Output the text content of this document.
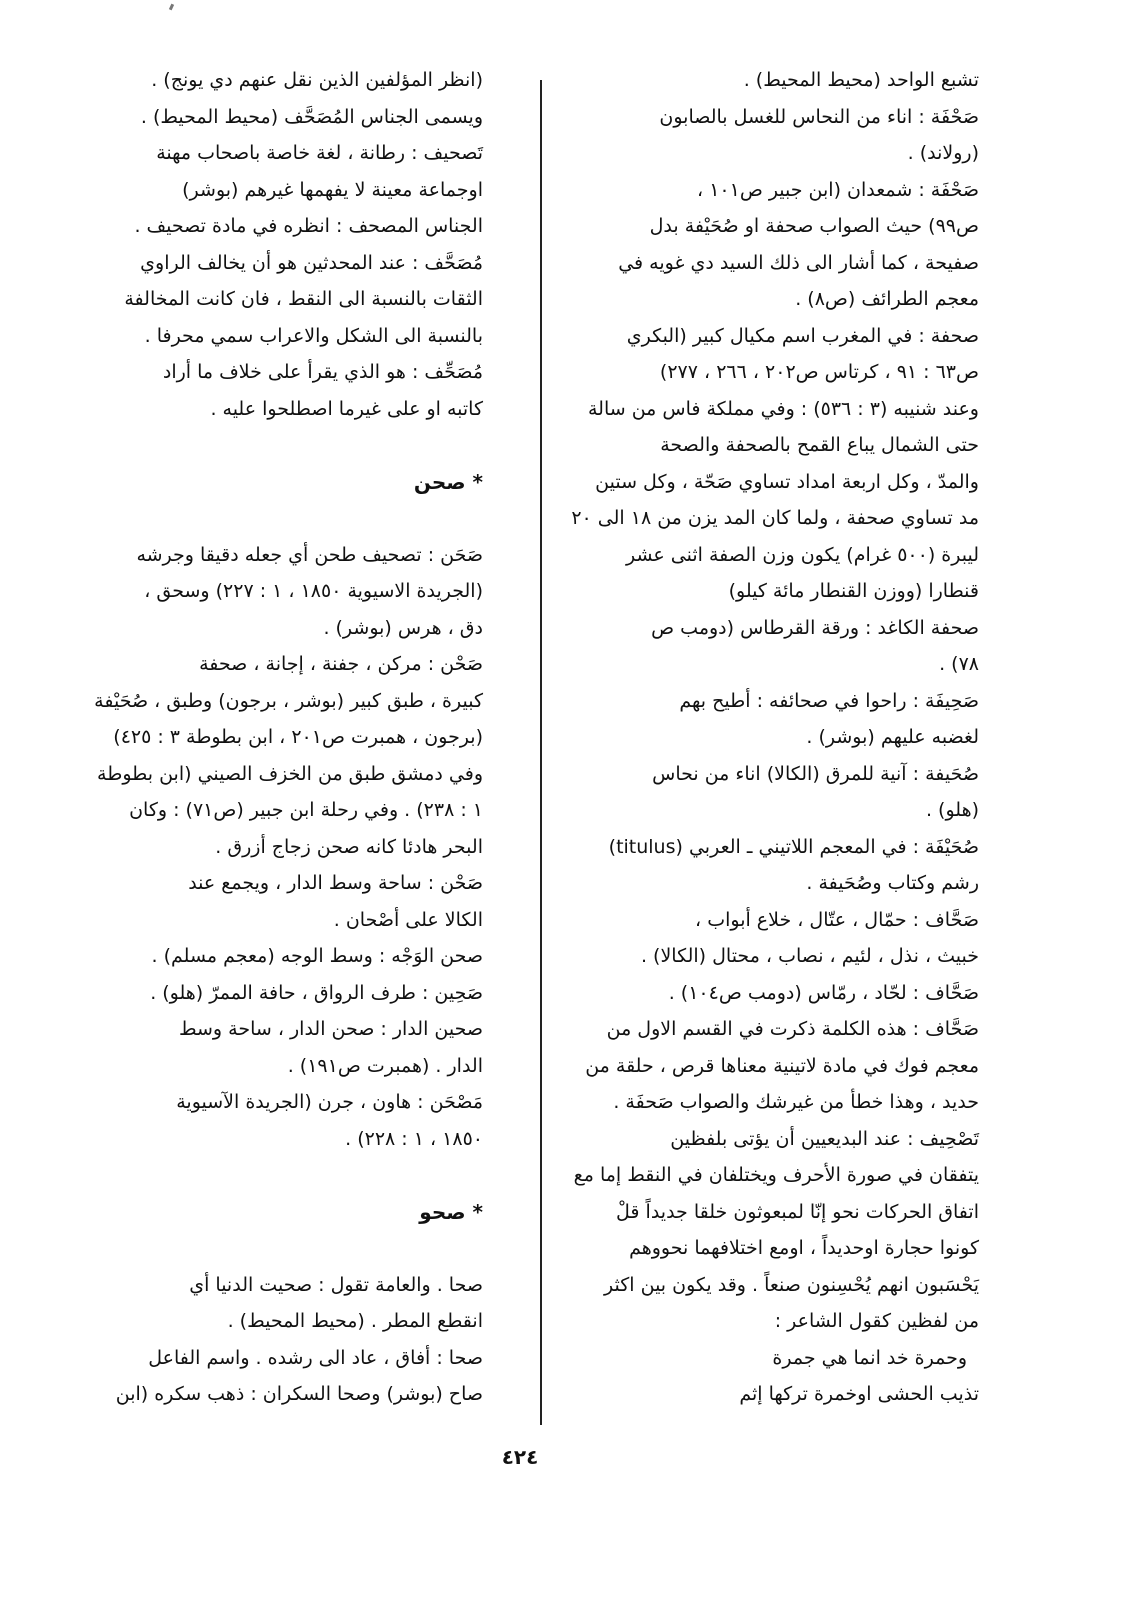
تشبع الواحد (محيط المحيط) .

صَحْفَة : اناء من النحاس للغسل بالصابون

(رولاند) .

صَحْفَة : شمعدان (ابن جبير ص١٠١ ،

ص٩٩) حيث الصواب صحفة او صُحَيْفة بدل

صفيحة ، كما أشار الى ذلك السيد دي غويه في

معجم الطرائف (ص٨) .

صحفة : في المغرب اسم مكيال كبير (البكري

ص٦٣ : ٩١ ، كرتاس ص٢٠٢ ، ٢٦٦ ، ٢٧٧)

وعند شنيبه (٣ : ٥٣٦) : وفي مملكة فاس من سالة

حتى الشمال يباع القمح بالصحفة والصحة

والمدّ ، وكل اربعة امداد تساوي صَحّة ، وكل ستين

مد تساوي صحفة ، ولما كان المد يزن من ١٨ الى ٢٠

ليبرة (٥٠٠ غرام) يكون وزن الصفة اثنى عشر

قنطارا (ووزن القنطار مائة كيلو)

صحفة الكاغد : ورقة القرطاس (دومب ص

٧٨) .

صَحِيفَة : راحوا في صحائفه : أطيح بهم

لغضبه عليهم (بوشر) .

صُحَيفة : آنية للمرق (الكالا) اناء من نحاس

(هلو) .

صُحَيْفَة : في المعجم اللاتيني ـ العربي (titulus)

رشم وكتاب وصُحَيفة .

صَحَّاف : حمّال ، عتّال ، خلاع أبواب ،

خبيث ، نذل ، لئيم ، نصاب ، محتال (الكالا) .

صَحَّاف : لحّاد ، رمّاس (دومب ص١٠٤) .

صَحَّاف : هذه الكلمة ذكرت في القسم الاول من

معجم فوك في مادة لاتينية معناها قرص ، حلقة من

حديد ، وهذا خطأ من غيرشك والصواب صَحفَة .

تَصْحِيف : عند البديعيين أن يؤتى بلفظين

يتفقان في صورة الأحرف ويختلفان في النقط إما مع

اتفاق الحركات نحو إنّا لمبعوثون خلقا جديداً قلْ

كونوا حجارة اوحديداً ، اومع اختلافهما نحووهم

يَحْسَبون انهم يُحْسِنون صنعاً . وقد يكون بين اكثر

من لفظين كقول الشاعر :

وحمرة خد انما هي جمرة

تذيب الحشى اوخمرة تركها إثم

(انظر المؤلفين الذين نقل عنهم دي يونج) .

ويسمى الجناس المُصَحَّف (محيط المحيط) .

تَصحيف : رطانة ، لغة خاصة باصحاب مهنة

اوجماعة معينة لا يفهمها غيرهم (بوشر)

الجناس المصحف : انظره في مادة تصحيف .

مُصَحَّف : عند المحدثين هو أن يخالف الراوي

الثقات بالنسبة الى النقط ، فان كانت المخالفة

بالنسبة الى الشكل والاعراب سمي محرفا .

مُصَحِّف : هو الذي يقرأ على خلاف ما أراد

كاتبه او على غيرما اصطلحوا عليه .

* صحن

صَحَن : تصحيف طحن أي جعله دقيقا وجرشه

(الجريدة الاسيوية ١٨٥٠ ، ١ : ٢٢٧) وسحق ،

دق ، هرس (بوشر) .

صَحْن : مركن ، جفنة ، إجانة ، صحفة

كبيرة ، طبق كبير (بوشر ، برجون) وطبق ، صُحَيْفة

(برجون ، همبرت ص٢٠١ ، ابن بطوطة ٣ : ٤٢٥)

وفي دمشق طبق من الخزف الصيني (ابن بطوطة

١ : ٢٣٨) . وفي رحلة ابن جبير (ص٧١) : وكان

البحر هادئا كانه صحن زجاج أزرق .

صَحْن : ساحة وسط الدار ، ويجمع عند

الكالا على أصْحان .

صحن الوَجْه : وسط الوجه (معجم مسلم) .

صَحِين : طرف الرواق ، حافة الممرّ (هلو) .

صحين الدار : صحن الدار ، ساحة وسط

الدار . (همبرت ص١٩١) .

مَصْحَن : هاون ، جرن (الجريدة الآسيوية

١٨٥٠ ، ١ : ٢٢٨) .

* صحو

صحا . والعامة تقول : صحيت الدنيا أي

انقطع المطر . (محيط المحيط) .

صحا : أفاق ، عاد الى رشده . واسم الفاعل

صاح (بوشر) وصحا السكران : ذهب سكره (ابن

٤٢٤
